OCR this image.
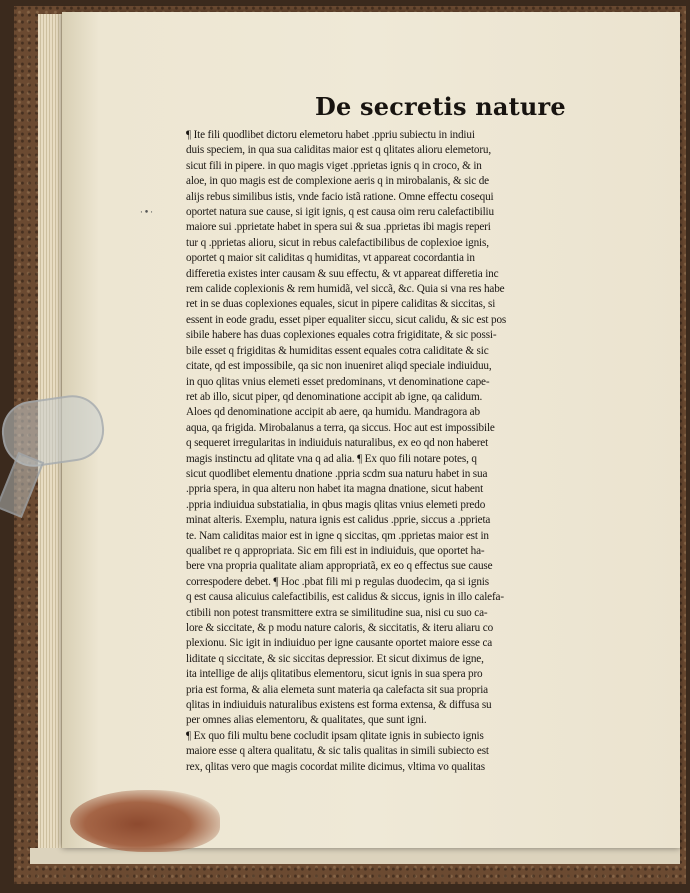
·•·
De secretis nature
¶ Ite fili quodlibet dictoru elemetoru habet .ppriu subiectu in indiui
duis speciem, in qua sua caliditas maior est q qlitates alioru elemetoru,
sicut fili in pipere. in quo magis viget .pprietas ignis q in croco, & in
aloe, in quo magis est de complexione aeris q in mirobalanis, & sic de
alijs rebus similibus istis, vnde facio istã ratione. Omne effectu cosequi
oportet natura sue cause, si igit ignis, q est causa oim reru calefactibiliu
maiore sui .pprietate habet in spera sui & sua .pprietas ibi magis reperi
tur q .pprietas alioru, sicut in rebus calefactibilibus de coplexioe ignis,
oportet q maior sit caliditas q humiditas, vt appareat cocordantia in
differetia existes inter causam & suu effectu, & vt appareat differetia inc
rem calide coplexionis & rem humidã, vel siccã, &c. Quia si vna res habe
ret in se duas coplexiones equales, sicut in pipere caliditas & siccitas, si
essent in eode gradu, esset piper equaliter siccu, sicut calidu, & sic est pos
sibile habere has duas coplexiones equales cotra frigiditate, & sic possi-
bile esset q frigiditas & humiditas essent equales cotra caliditate & sic
citate, qd est impossibile, qa sic non inueniret aliqd speciale indiuiduu,
in quo qlitas vnius elemeti esset predominans, vt denominatione cape-
ret ab illo, sicut piper, qd denominatione accipit ab igne, qa calidum.
Aloes qd denominatione accipit ab aere, qa humidu. Mandragora ab
aqua, qa frigida. Mirobalanus a terra, qa siccus. Hoc aut est impossibile
q sequeret irregularitas in indiuiduis naturalibus, ex eo qd non haberet
magis instinctu ad qlitate vna q ad alia. ¶ Ex quo fili notare potes, q
sicut quodlibet elementu dnatione .ppria scdm sua naturu habet in sua
.ppria spera, in qua alteru non habet ita magna dnatione, sicut habent
.ppria indiuidua substatialia, in qbus magis qlitas vnius elemeti predo
minat alteris. Exemplu, natura ignis est calidus .pprie, siccus a .pprieta
te. Nam caliditas maior est in igne q siccitas, qm .pprietas maior est in
qualibet re q appropriata. Sic em fili est in indiuiduis, que oportet ha-
bere vna propria qualitate aliam appropriatã, ex eo q effectus sue cause
correspodere debet. ¶ Hoc .pbat fili mi p regulas duodecim, qa si ignis
q est causa alicuius calefactibilis, est calidus & siccus, ignis in illo calefa-
ctibili non potest transmittere extra se similitudine sua, nisi cu suo ca-
lore & siccitate, & p modu nature caloris, & siccitatis, & iteru aliaru co
plexionu. Sic igit in indiuiduo per igne causante oportet maiore esse ca
liditate q siccitate, & sic siccitas depressior. Et sicut diximus de igne,
ita intellige de alijs qlitatibus elementoru, sicut ignis in sua spera pro
pria est forma, & alia elemeta sunt materia qa calefacta sit sua propria
qlitas in indiuiduis naturalibus existens est forma extensa, & diffusa su
per omnes alias elementoru, & qualitates, que sunt igni.
¶ Ex quo fili multu bene cocludit ipsam qlitate ignis in subiecto ignis
maiore esse q altera qualitatu, & sic talis qualitas in simili subiecto est
rex, qlitas vero que magis cocordat milite dicimus, vltima vo qualitas
